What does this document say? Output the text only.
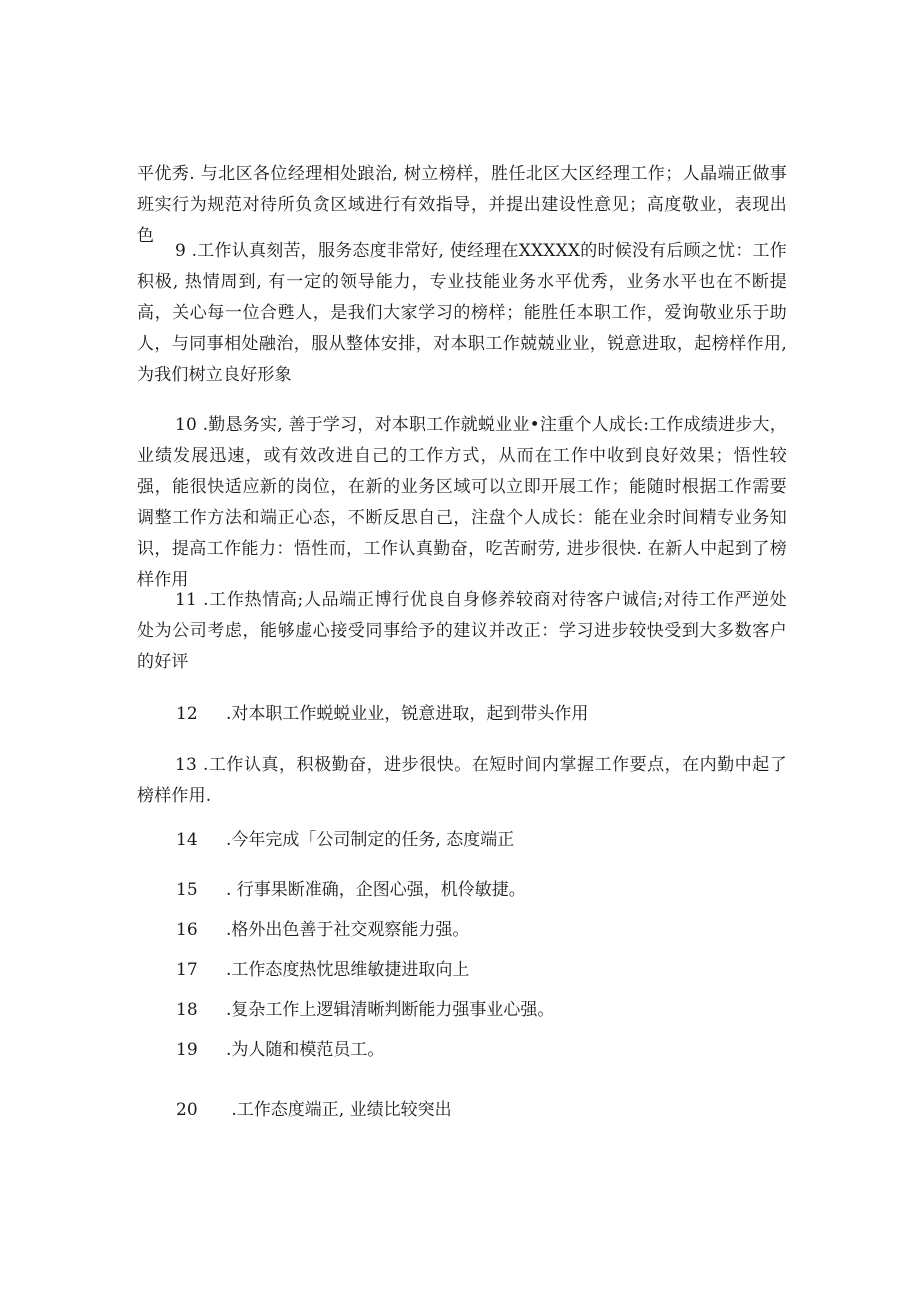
平优秀. 与北区各位经理相处踉治, 树立榜样，胜任北区大区经理工作；人晶端正做事班实行为规范对待所负贪区域进行有效指导，并提出建设性意见；高度敬业，表现出色

9 .工作认真刻苦，服务态度非常好, 使经理在XXXXX的时候没有后顾之忧：工作积极, 热情周到, 有一定的领导能力，专业技能业务水平优秀，业务水平也在不断提高，关心每一位合甦人，是我们大家学习的榜样；能胜任本职工作，爱询敬业乐于助人，与同事相处融治，服从整体安排，对本职工作兢兢业业，锐意进取，起榜样作用, 为我们树立良好形象

10 .勤恳务实, 善于学习，对本职工作就蜕业业•注重个人成长:工作成绩进步大，业绩发展迅速，或有效改进自己的工作方式，从而在工作中收到良好效果；悟性较强，能很快适应新的岗位，在新的业务区域可以立即开展工作；能随时根据工作需要调整工作方法和端正心态，不断反思自己，注盘个人成长：能在业余时间精专业务知识，提高工作能力：悟性而，工作认真勤奋，吃苦耐劳, 进步很快. 在新人中起到了榜样作用

11 .工作热情高;人品端正博行优良自身修养较商对待客户诚信;对待工作严逆处处为公司考虑，能够虚心接受同事给予的建议并改正：学习进步较快受到大多数客户的好评

12 .对本职工作蜕蜕业业，锐意进取，起到带头作用

13 .工作认真，积极勤奋，进步很快。在短时间内掌握工作要点，在内勤中起了榜样作用.

14 .今年完成「公司制定的任务, 态度端正
15 . 行事果断准确，企图心强，机伶敏捷。
16 .格外出色善于社交观察能力强。
17 .工作态度热忱思维敏捷进取向上
18 .复杂工作上逻辑清晰判断能力强事业心强。
19 .为人随和模范员工。
20 .工作态度端正, 业绩比较突出
